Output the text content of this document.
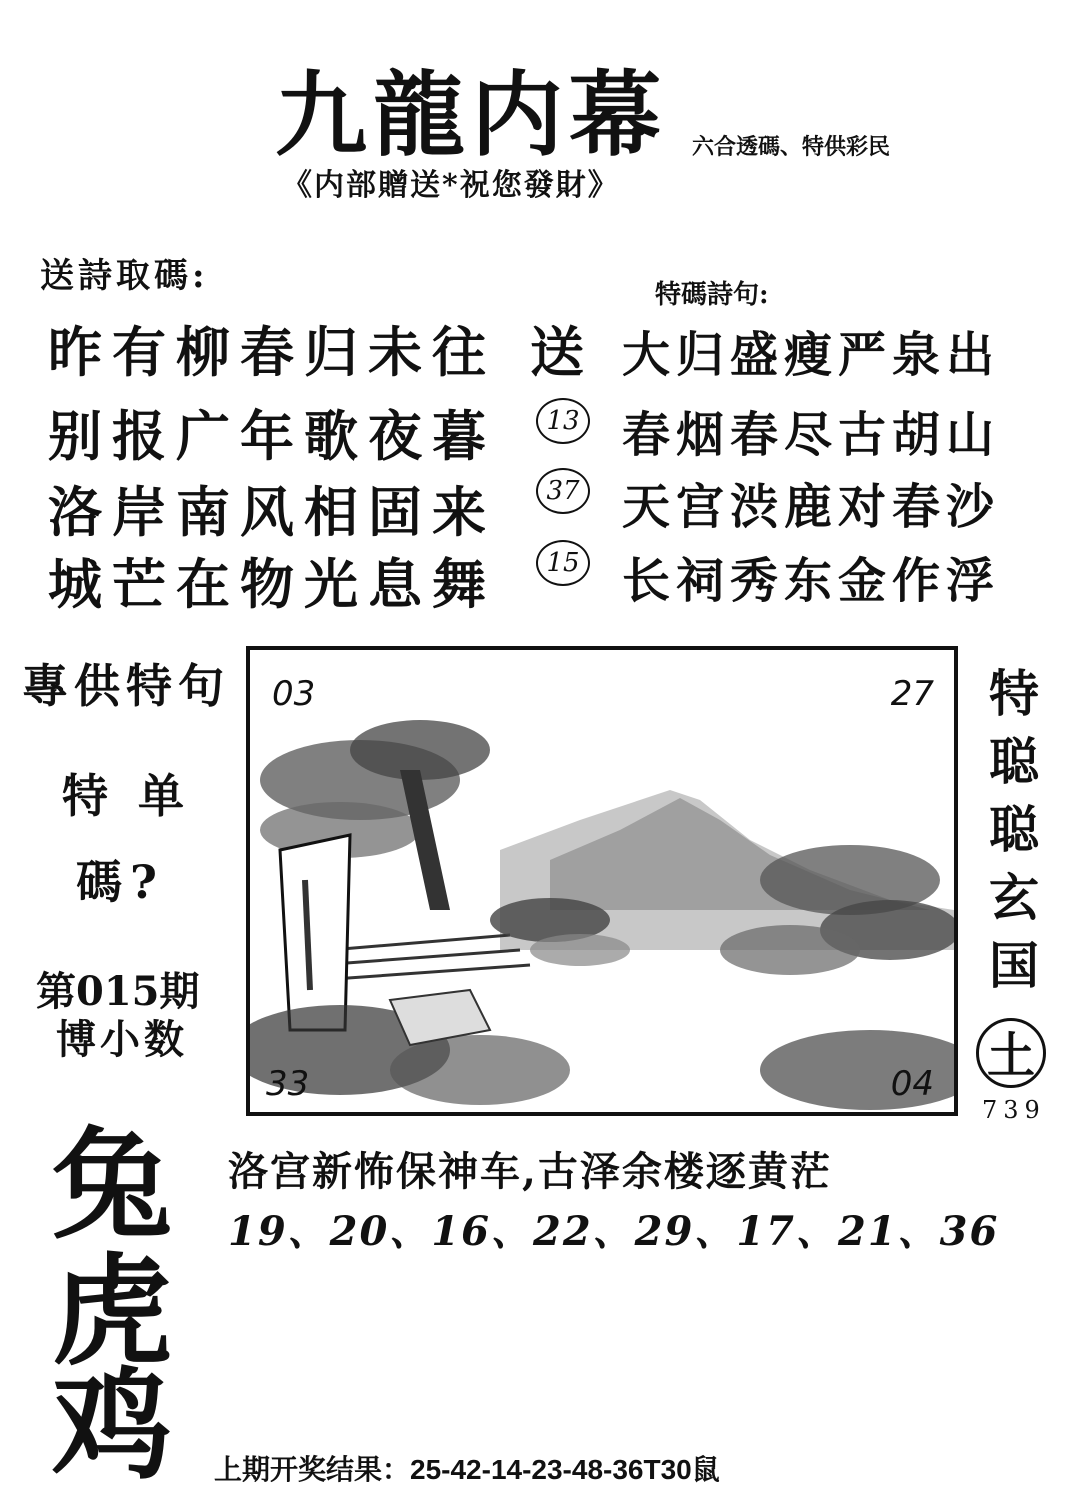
九龍内幕 六合透碼、特供彩民
《内部贈送*祝您發財》
送詩取碼:
昨有柳春归未往
别报广年歌夜暮
洛岸南风相固来
城芒在物光息舞
特碼詩句:
送
13
37
15
大归盛瘦严泉出
春烟春尽古胡山
天宫渋鹿对春沙
长祠秀东金作浮
專供特句
特单
碼?
第015期
博小数
兔
虎
鸡
03	27
33	04
特
聪
聪
玄
国
土
739
洛宫新怖保神车,古泽余楼逐黄茫
19、20、16、22、29、17、21、36
上期开奖结果：25-42-14-23-48-36T30鼠
